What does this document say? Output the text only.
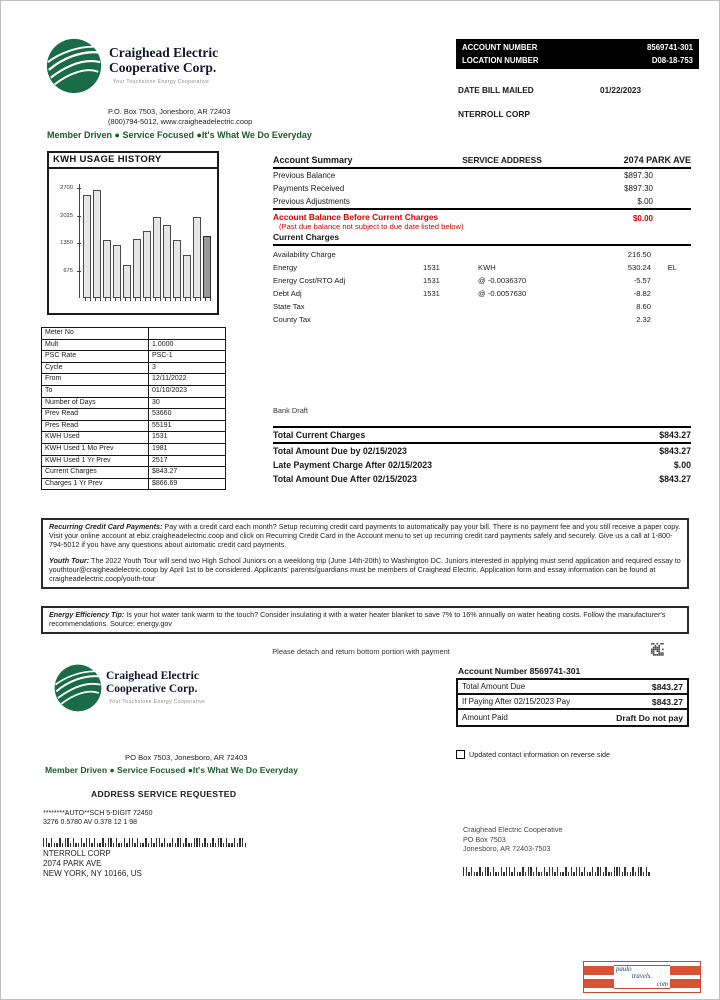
Craighead Electric
Cooperative Corp.
Your Touchstone Energy Cooperative
ACCOUNT NUMBER	8569741-301
LOCATION NUMBER	D08-18-753
DATE BILL MAILED	01/22/2023
NTERROLL CORP
P.O. Box 7503, Jonesboro, AR 72403
(800)794-5012, www.craigheadelectric.coop
Member Driven ● Service Focused ●It's What We Do Everyday
KWH USAGE HISTORY
2700
2025
1350
675
Account Summary	SERVICE ADDRESS	2074 PARK AVE
Previous Balance	$897.30
Payments Received	$897.30
Previous Adjustments	$.00
Account Balance Before Current Charges
(Past due balance not subject to due date listed below)
$0.00
Current Charges
Availability Charge	216.50
Energy	1531	KWH	530.24 EL
Energy Cost/RTO Adj	1531	@ -0.0036370	-5.57
Debt Adj	1531	@ -0.0057630	-8.82
State Tax	8.60
County Tax	2.32
Bank Draft
Total Current Charges	$843.27
Total Amount Due by 02/15/2023	$843.27
Late Payment Charge After 02/15/2023	$.00
Total Amount Due After 02/15/2023	$843.27
Meter No	
Mult	1.0000
PSC Rate	PSC-1
Cycle	3
From	12/11/2022
To	01/10/2023
Number of Days	30
Prev Read	53660
Pres Read	55191
KWH Used	1531
KWH Used 1 Mo Prev	1981
KWH Used 1 Yr Prev	2517
Current Charges	$843.27
Charges 1 Yr Prev	$866.69
Recurring Credit Card Payments: Pay with a credit card each month? Setup recurring credit card payments to automatically pay your bill. There is no payment fee and you still receive a paper copy. Visit your online account at ebiz.craigheadelectric.coop and click on Recurring Credit Card in the Account menu to set up recurring credit card payments safely and securely. Give us a call at 1-800-794-5012 if you have any questions about automatic credit card payments.
Youth Tour: The 2022 Youth Tour will send two High School Juniors on a weeklong trip (June 14th-20th) to Washington DC. Juniors interested in applying must send application and required essay to youthtour@craigheadelectric.coop by April 1st to be considered. Applicants' parents/guardians must be members of Craighead Electric. Application form and essay information can be found at craigheadelectric.coop/youth-tour
Energy Efficiency Tip: Is your hot water tank warm to the touch? Consider insulating it with a water heater blanket to save 7% to 16% annually on water heating costs. Follow the manufacturer's recommendations. Source: energy.gov
Please detach and return bottom portion with payment
Craighead Electric
Cooperative Corp.
Your Touchstone Energy Cooperative
PO Box 7503, Jonesboro, AR 72403
Member Driven ● Service Focused ●It's What We Do Everyday
ADDRESS SERVICE REQUESTED
********AUTO**SCH 5-DIGIT 72450
3276 0.5780 AV 0.378 12 1 98
NTERROLL CORP
2074 PARK AVE
NEW YORK, NY 10166, US
Account Number 8569741-301
Total Amount Due	$843.27
If Paying After 02/15/2023 Pay	$843.27
Amount Paid	Draft Do not pay
Updated contact information on reverse side
Craighead Electric Cooperative
PO Box 7503
Jonesboro, AR 72403-7503
paulo
travels.
com
